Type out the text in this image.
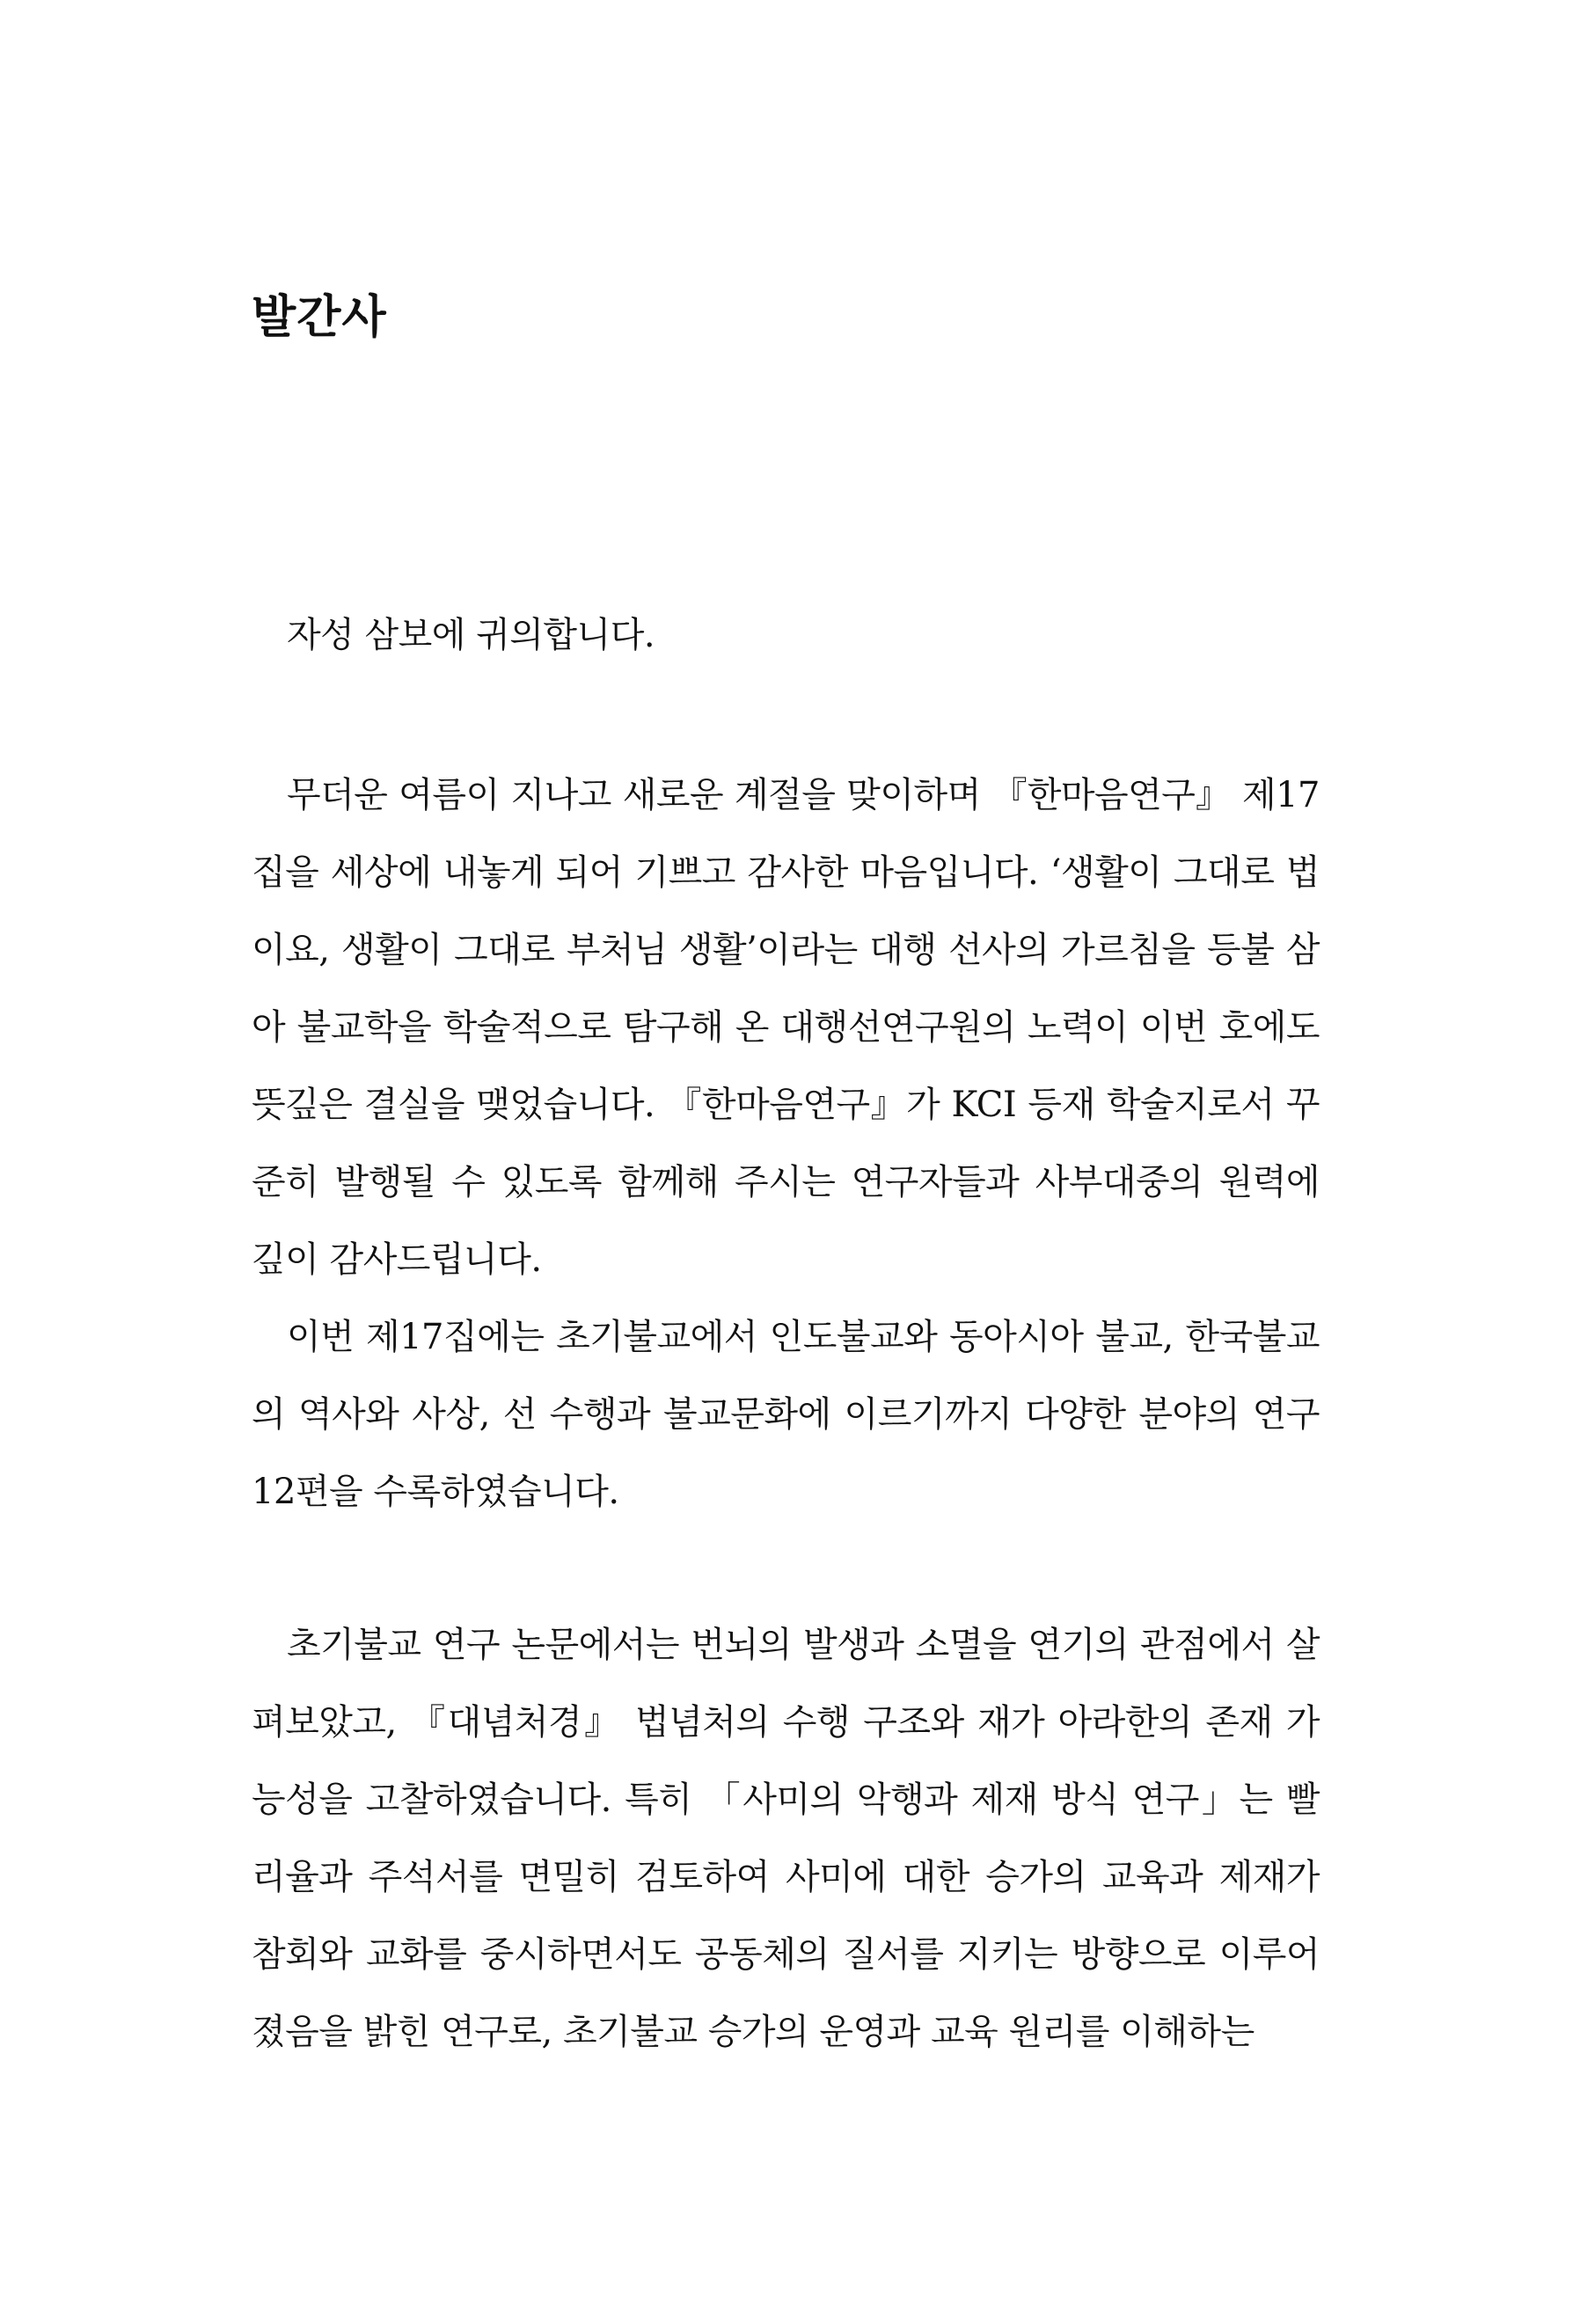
발간사

자성 삼보에 귀의합니다.

무더운 여름이 지나고 새로운 계절을 맞이하며 『한마음연구』 제17집을 세상에 내놓게 되어 기쁘고 감사한 마음입니다. ‘생활이 그대로 법이요, 생활이 그대로 부처님 생활’이라는 대행 선사의 가르침을 등불 삼아 불교학을 학술적으로 탐구해 온 대행선연구원의 노력이 이번 호에도 뜻깊은 결실을 맺었습니다. 『한마음연구』가 KCI 등재 학술지로서 꾸준히 발행될 수 있도록 함께해 주시는 연구자들과 사부대중의 원력에 깊이 감사드립니다.

이번 제17집에는 초기불교에서 인도불교와 동아시아 불교, 한국불교의 역사와 사상, 선 수행과 불교문화에 이르기까지 다양한 분야의 연구 12편을 수록하였습니다.

초기불교 연구 논문에서는 번뇌의 발생과 소멸을 연기의 관점에서 살펴보았고, 『대념처경』 법념처의 수행 구조와 재가 아라한의 존재 가능성을 고찰하였습니다. 특히 「사미의 악행과 제재 방식 연구」는 빨리율과 주석서를 면밀히 검토하여 사미에 대한 승가의 교육과 제재가 참회와 교화를 중시하면서도 공동체의 질서를 지키는 방향으로 이루어졌음을 밝힌 연구로, 초기불교 승가의 운영과 교육 원리를 이해하는
